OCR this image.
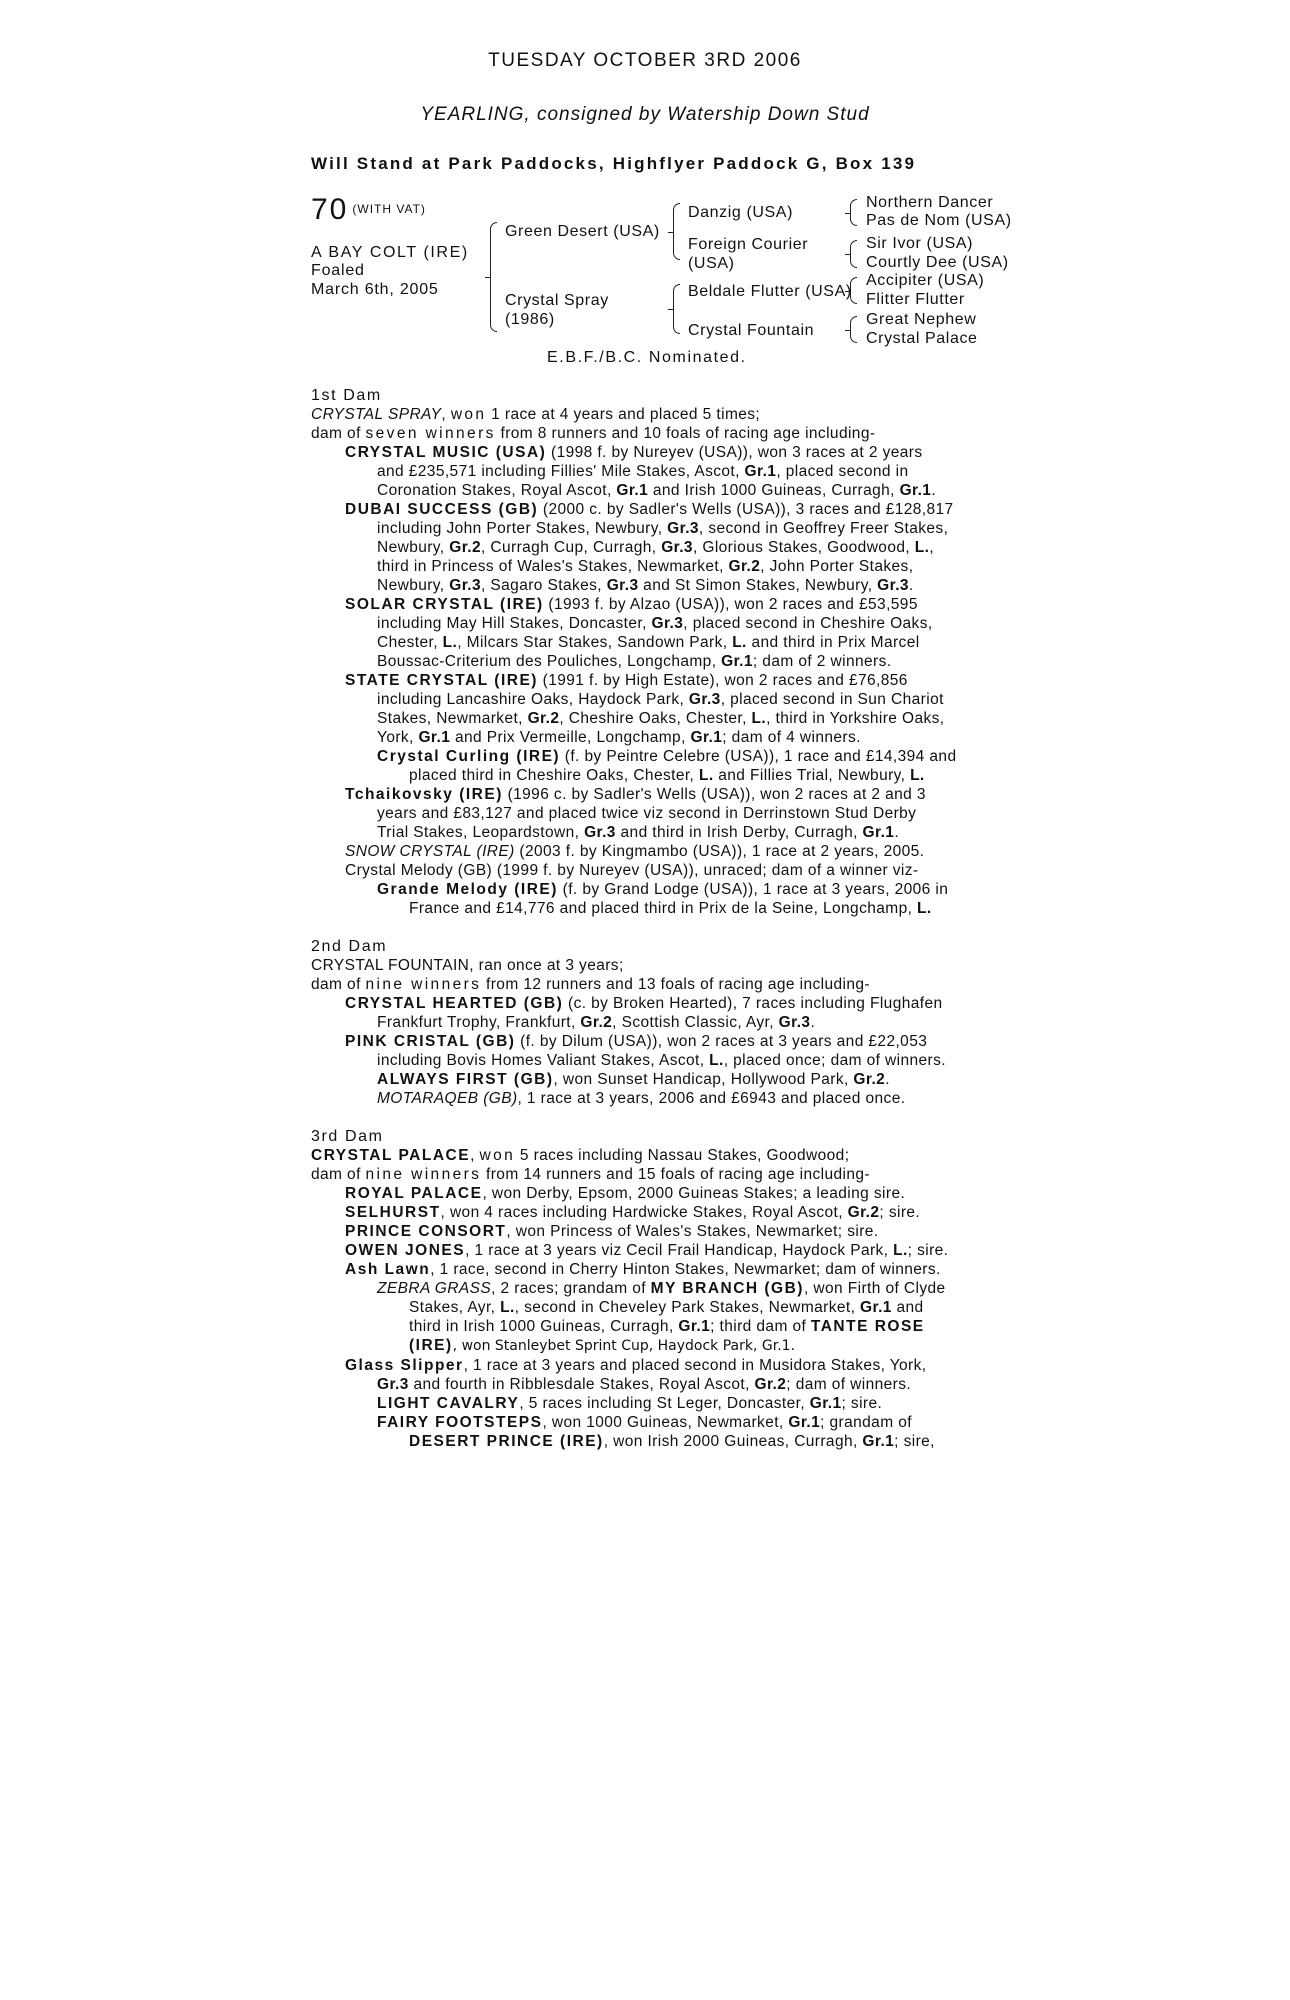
TUESDAY OCTOBER 3RD 2006
YEARLING, consigned by Watership Down Stud
Will Stand at Park Paddocks, Highflyer Paddock G, Box 139
70 $^{(WITH VAT)}$
A BAY COLT (IRE)
Foaled
March 6th, 2005
Green Desert (USA)
Crystal Spray
(1986)
Danzig (USA)
Foreign Courier
(USA)
Beldale Flutter (USA)
Crystal Fountain
Northern Dancer
Pas de Nom (USA)
Sir Ivor (USA)
Courtly Dee (USA)
Accipiter (USA)
Flitter Flutter
Great Nephew
Crystal Palace
E.B.F./B.C. Nominated.
1st Dam
CRYSTAL SPRAY, won 1 race at 4 years and placed 5 times;
dam of seven winners from 8 runners and 10 foals of racing age including-
CRYSTAL MUSIC (USA) (1998 f. by Nureyev (USA)), won 3 races at 2 years
and £235,571 including Fillies' Mile Stakes, Ascot, Gr.1, placed second in
Coronation Stakes, Royal Ascot, Gr.1 and Irish 1000 Guineas, Curragh, Gr.1.
DUBAI SUCCESS (GB) (2000 c. by Sadler's Wells (USA)), 3 races and £128,817
including John Porter Stakes, Newbury, Gr.3, second in Geoffrey Freer Stakes,
Newbury, Gr.2, Curragh Cup, Curragh, Gr.3, Glorious Stakes, Goodwood, L.,
third in Princess of Wales's Stakes, Newmarket, Gr.2, John Porter Stakes,
Newbury, Gr.3, Sagaro Stakes, Gr.3 and St Simon Stakes, Newbury, Gr.3.
SOLAR CRYSTAL (IRE) (1993 f. by Alzao (USA)), won 2 races and £53,595
including May Hill Stakes, Doncaster, Gr.3, placed second in Cheshire Oaks,
Chester, L., Milcars Star Stakes, Sandown Park, L. and third in Prix Marcel
Boussac-Criterium des Pouliches, Longchamp, Gr.1; dam of 2 winners.
STATE CRYSTAL (IRE) (1991 f. by High Estate), won 2 races and £76,856
including Lancashire Oaks, Haydock Park, Gr.3, placed second in Sun Chariot
Stakes, Newmarket, Gr.2, Cheshire Oaks, Chester, L., third in Yorkshire Oaks,
York, Gr.1 and Prix Vermeille, Longchamp, Gr.1; dam of 4 winners.
Crystal Curling (IRE) (f. by Peintre Celebre (USA)), 1 race and £14,394 and
placed third in Cheshire Oaks, Chester, L. and Fillies Trial, Newbury, L.
Tchaikovsky (IRE) (1996 c. by Sadler's Wells (USA)), won 2 races at 2 and 3
years and £83,127 and placed twice viz second in Derrinstown Stud Derby
Trial Stakes, Leopardstown, Gr.3 and third in Irish Derby, Curragh, Gr.1.
SNOW CRYSTAL (IRE) (2003 f. by Kingmambo (USA)), 1 race at 2 years, 2005.
Crystal Melody (GB) (1999 f. by Nureyev (USA)), unraced; dam of a winner viz-
Grande Melody (IRE) (f. by Grand Lodge (USA)), 1 race at 3 years, 2006 in
France and £14,776 and placed third in Prix de la Seine, Longchamp, L.
2nd Dam
CRYSTAL FOUNTAIN, ran once at 3 years;
dam of nine winners from 12 runners and 13 foals of racing age including-
CRYSTAL HEARTED (GB) (c. by Broken Hearted), 7 races including Flughafen
Frankfurt Trophy, Frankfurt, Gr.2, Scottish Classic, Ayr, Gr.3.
PINK CRISTAL (GB) (f. by Dilum (USA)), won 2 races at 3 years and £22,053
including Bovis Homes Valiant Stakes, Ascot, L., placed once; dam of winners.
ALWAYS FIRST (GB), won Sunset Handicap, Hollywood Park, Gr.2.
MOTARAQEB (GB), 1 race at 3 years, 2006 and £6943 and placed once.
3rd Dam
CRYSTAL PALACE, won 5 races including Nassau Stakes, Goodwood;
dam of nine winners from 14 runners and 15 foals of racing age including-
ROYAL PALACE, won Derby, Epsom, 2000 Guineas Stakes; a leading sire.
SELHURST, won 4 races including Hardwicke Stakes, Royal Ascot, Gr.2; sire.
PRINCE CONSORT, won Princess of Wales's Stakes, Newmarket; sire.
OWEN JONES, 1 race at 3 years viz Cecil Frail Handicap, Haydock Park, L.; sire.
Ash Lawn, 1 race, second in Cherry Hinton Stakes, Newmarket; dam of winners.
ZEBRA GRASS, 2 races; grandam of MY BRANCH (GB), won Firth of Clyde
Stakes, Ayr, L., second in Cheveley Park Stakes, Newmarket, Gr.1 and
third in Irish 1000 Guineas, Curragh, Gr.1; third dam of TANTE ROSE
(IRE), won Stanleybet Sprint Cup, Haydock Park, Gr.1.
Glass Slipper, 1 race at 3 years and placed second in Musidora Stakes, York,
Gr.3 and fourth in Ribblesdale Stakes, Royal Ascot, Gr.2; dam of winners.
LIGHT CAVALRY, 5 races including St Leger, Doncaster, Gr.1; sire.
FAIRY FOOTSTEPS, won 1000 Guineas, Newmarket, Gr.1; grandam of
DESERT PRINCE (IRE), won Irish 2000 Guineas, Curragh, Gr.1; sire,
